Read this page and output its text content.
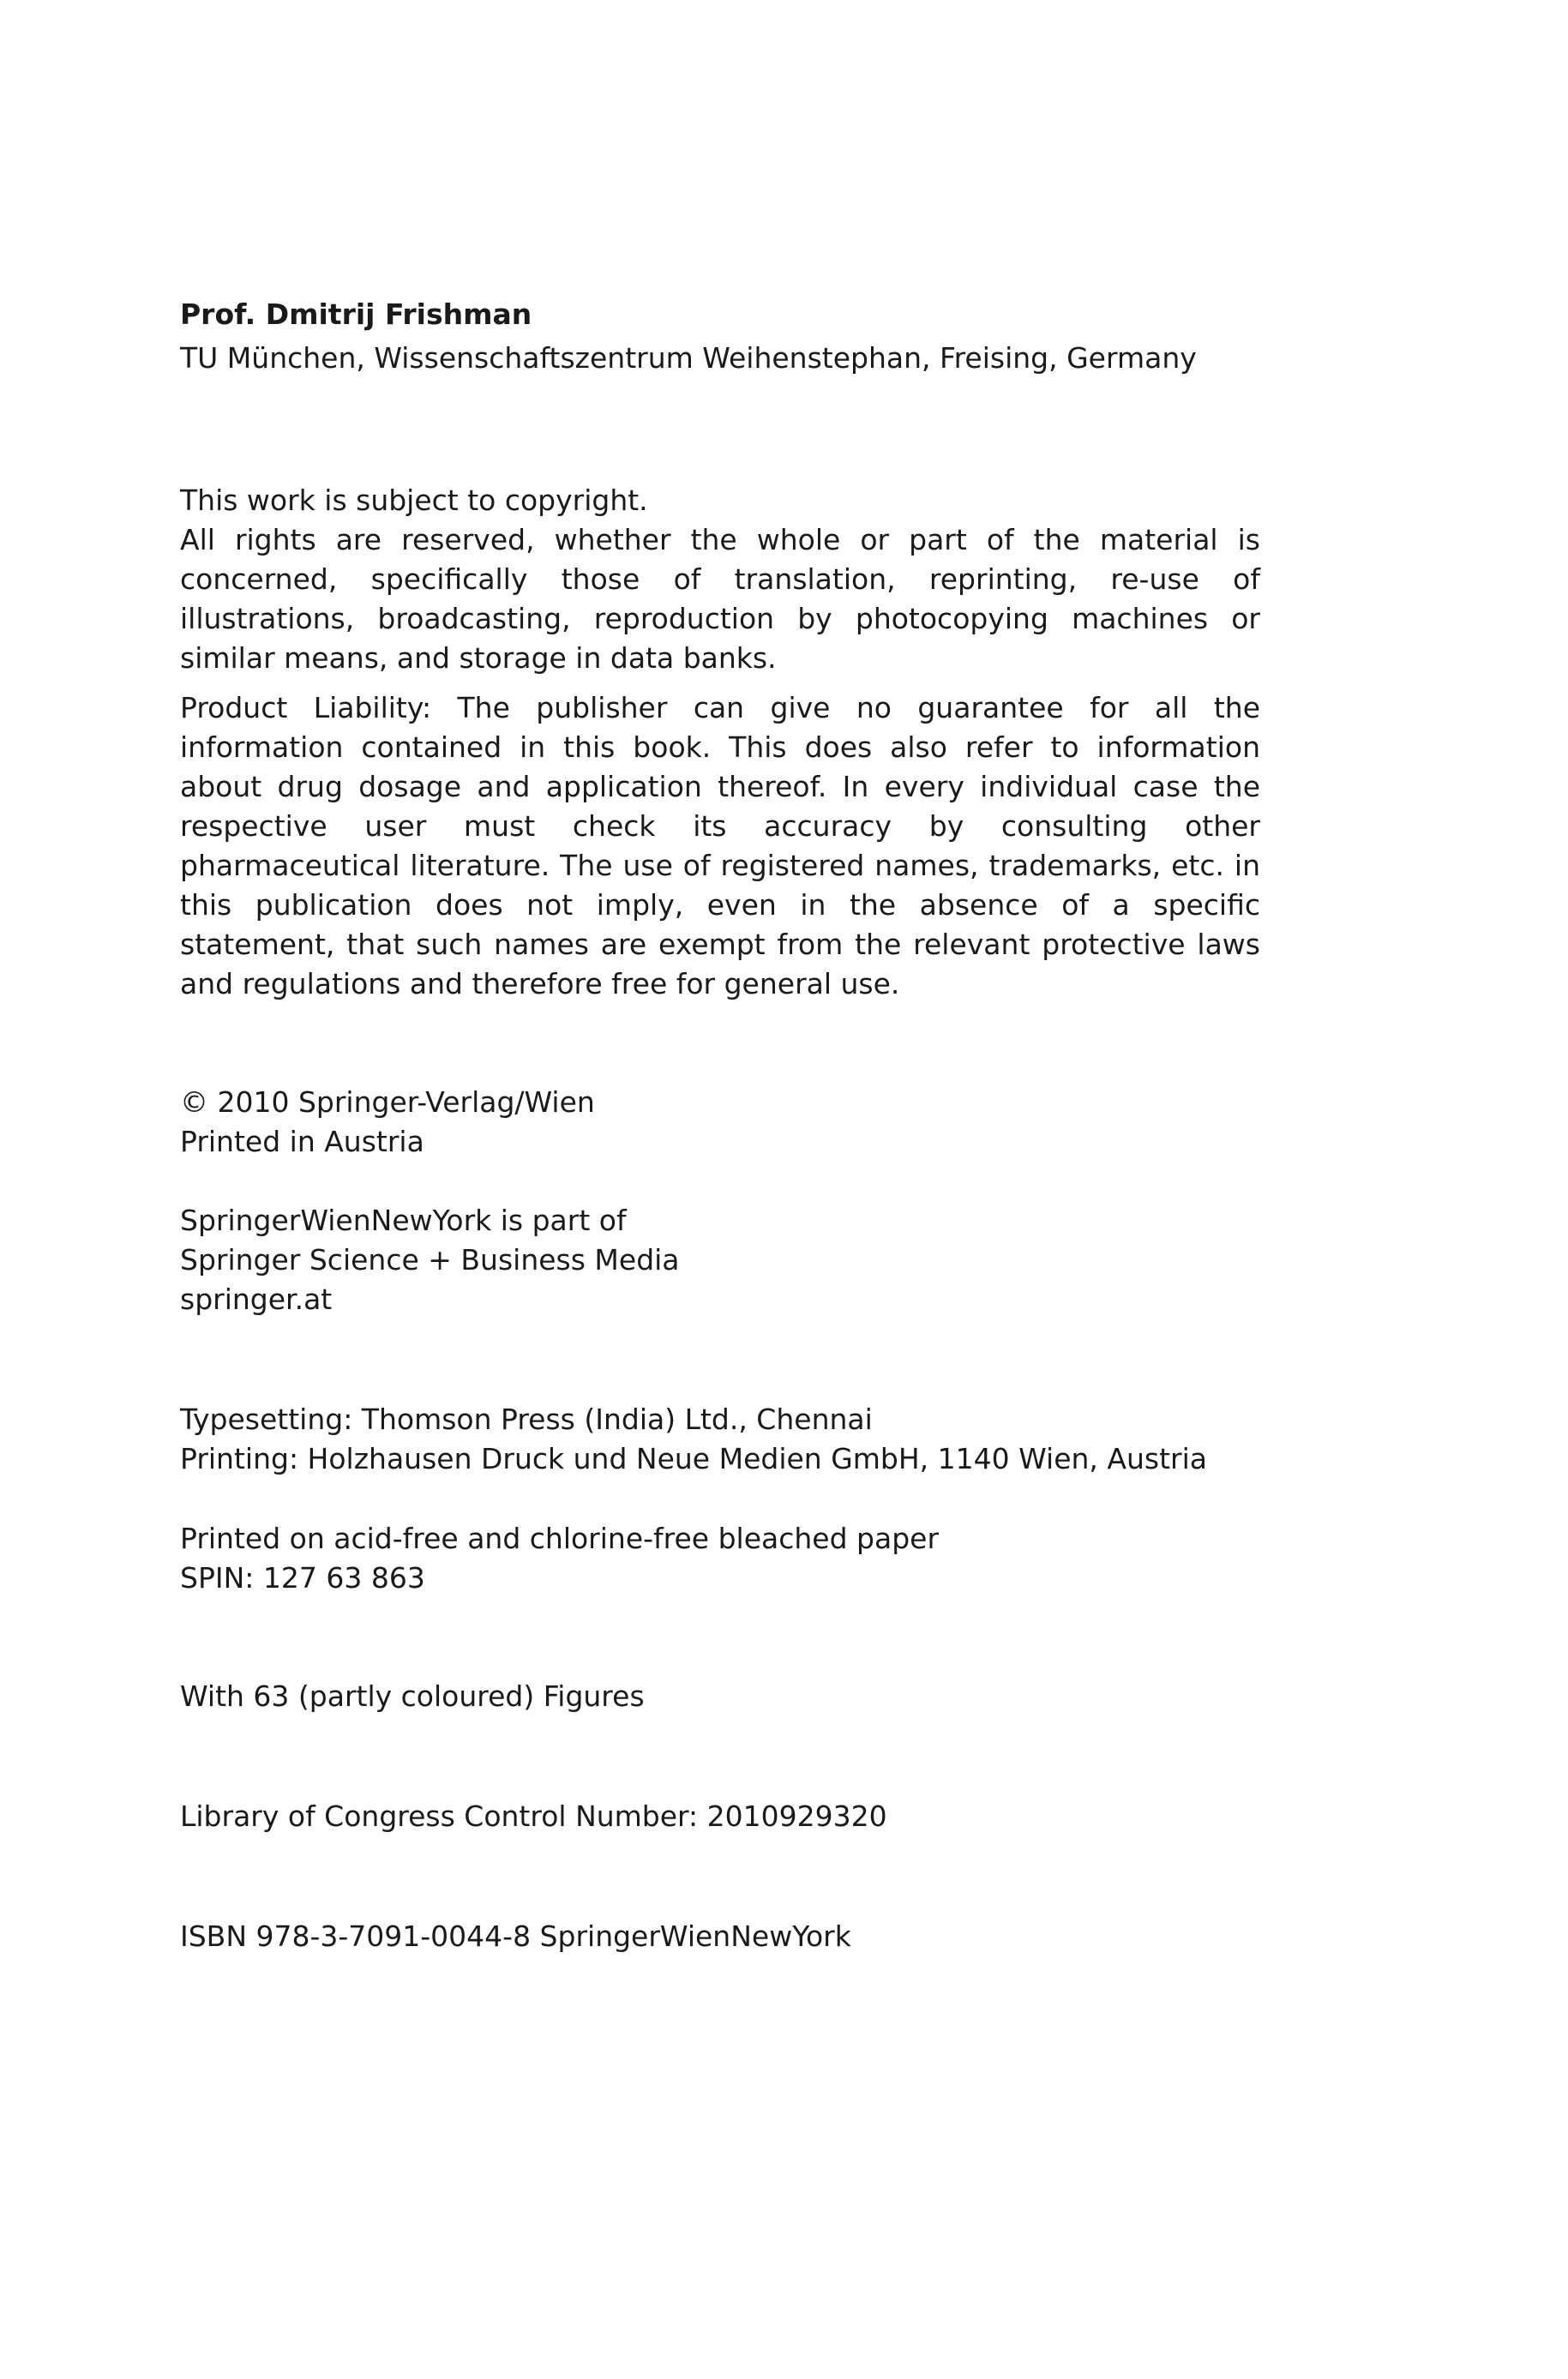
Prof. Dmitrij Frishman

TU München, Wissenschaftszentrum Weihenstephan, Freising, Germany

This work is subject to copyright.

All rights are reserved, whether the whole or part of the material is concerned, specifically those of translation, reprinting, re-use of illustrations, broadcasting, reproduction by photocopying machines or similar means, and storage in data banks.

Product Liability: The publisher can give no guarantee for all the information contained in this book. This does also refer to information about drug dosage and application thereof. In every individual case the respective user must check its accuracy by consulting other pharmaceutical literature. The use of registered names, trademarks, etc. in this publication does not imply, even in the absence of a specific statement, that such names are exempt from the relevant protective laws and regulations and therefore free for general use.

© 2010 Springer-Verlag/Wien

Printed in Austria

SpringerWienNewYork is part of

Springer Science + Business Media

springer.at

Typesetting: Thomson Press (India) Ltd., Chennai

Printing: Holzhausen Druck und Neue Medien GmbH, 1140 Wien, Austria

Printed on acid-free and chlorine-free bleached paper

SPIN: 127 63 863

With 63 (partly coloured) Figures

Library of Congress Control Number: 2010929320

ISBN 978-3-7091-0044-8 SpringerWienNewYork
